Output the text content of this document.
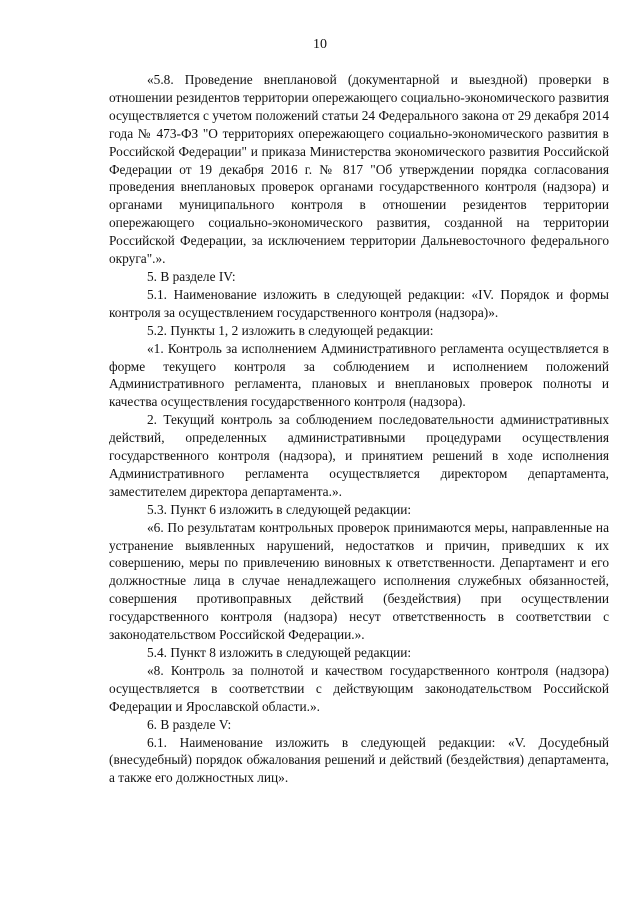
10

«5.8. Проведение внеплановой (документарной и выездной) проверки в отношении резидентов территории опережающего социально-экономического развития осуществляется с учетом положений статьи 24 Федерального закона от 29 декабря 2014 года № 473-ФЗ "О территориях опережающего социально-экономического развития в Российской Федерации" и приказа Министерства экономического развития Российской Федерации от 19 декабря 2016 г. № 817 "Об утверждении порядка согласования проведения внеплановых проверок органами государственного контроля (надзора) и органами муниципального контроля в отношении резидентов территории опережающего социально-экономического развития, созданной на территории Российской Федерации, за исключением территории Дальневосточного федерального округа".».

5. В разделе IV:

5.1. Наименование изложить в следующей редакции: «IV. Порядок и формы контроля за осуществлением государственного контроля (надзора)».

5.2. Пункты 1, 2 изложить в следующей редакции:

«1. Контроль за исполнением Административного регламента осуществляется в форме текущего контроля за соблюдением и исполнением положений Административного регламента, плановых и внеплановых проверок полноты и качества осуществления государственного контроля (надзора).

2. Текущий контроль за соблюдением последовательности административных действий, определенных административными процедурами осуществления государственного контроля (надзора), и принятием решений в ходе исполнения Административного регламента осуществляется директором департамента, заместителем директора департамента.».

5.3. Пункт 6 изложить в следующей редакции:

«6. По результатам контрольных проверок принимаются меры, направленные на устранение выявленных нарушений, недостатков и причин, приведших к их совершению, меры по привлечению виновных к ответственности. Департамент и его должностные лица в случае ненадлежащего исполнения служебных обязанностей, совершения противоправных действий (бездействия) при осуществлении государственного контроля (надзора) несут ответственность в соответствии с законодательством Российской Федерации.».

5.4. Пункт 8 изложить в следующей редакции:

«8. Контроль за полнотой и качеством государственного контроля (надзора) осуществляется в соответствии с действующим законодательством Российской Федерации и Ярославской области.».

6. В разделе V:

6.1. Наименование изложить в следующей редакции: «V. Досудебный (внесудебный) порядок обжалования решений и действий (бездействия) департамента, а также его должностных лиц».
